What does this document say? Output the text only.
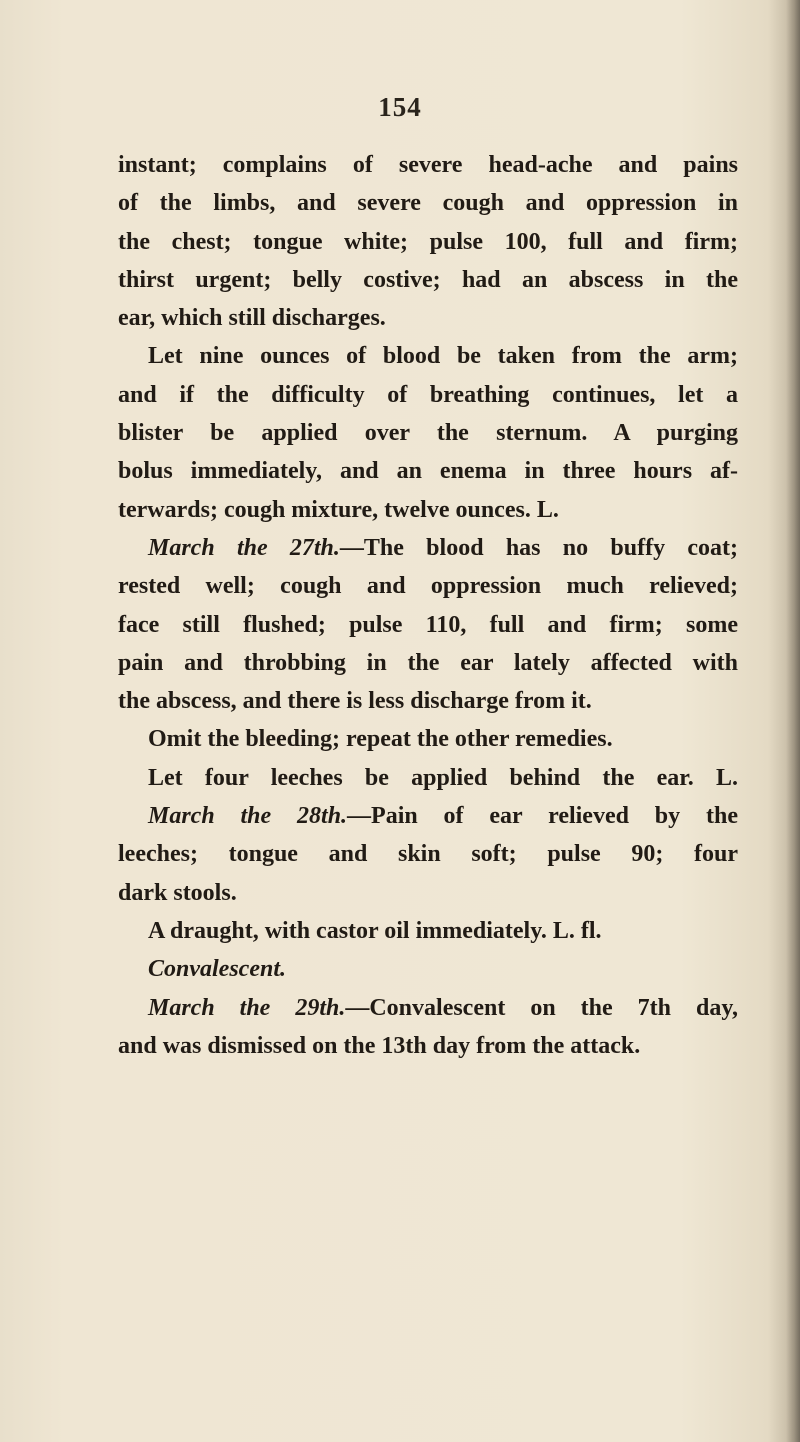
154
instant; complains of severe head-ache and pains
of the limbs, and severe cough and oppression in
the chest; tongue white; pulse 100, full and firm;
thirst urgent; belly costive; had an abscess in the
ear, which still discharges.
Let nine ounces of blood be taken from the arm;
and if the difficulty of breathing continues, let a
blister be applied over the sternum. A purging
bolus immediately, and an enema in three hours af-
terwards; cough mixture, twelve ounces. L.
March the 27th.—The blood has no buffy coat;
rested well; cough and oppression much relieved;
face still flushed; pulse 110, full and firm; some
pain and throbbing in the ear lately affected with
the abscess, and there is less discharge from it.
Omit the bleeding; repeat the other remedies.
Let four leeches be applied behind the ear. L.
March the 28th.—Pain of ear relieved by the
leeches; tongue and skin soft; pulse 90; four
dark stools.
A draught, with castor oil immediately. L. fl.
Convalescent.
March the 29th.—Convalescent on the 7th day,
and was dismissed on the 13th day from the attack.
